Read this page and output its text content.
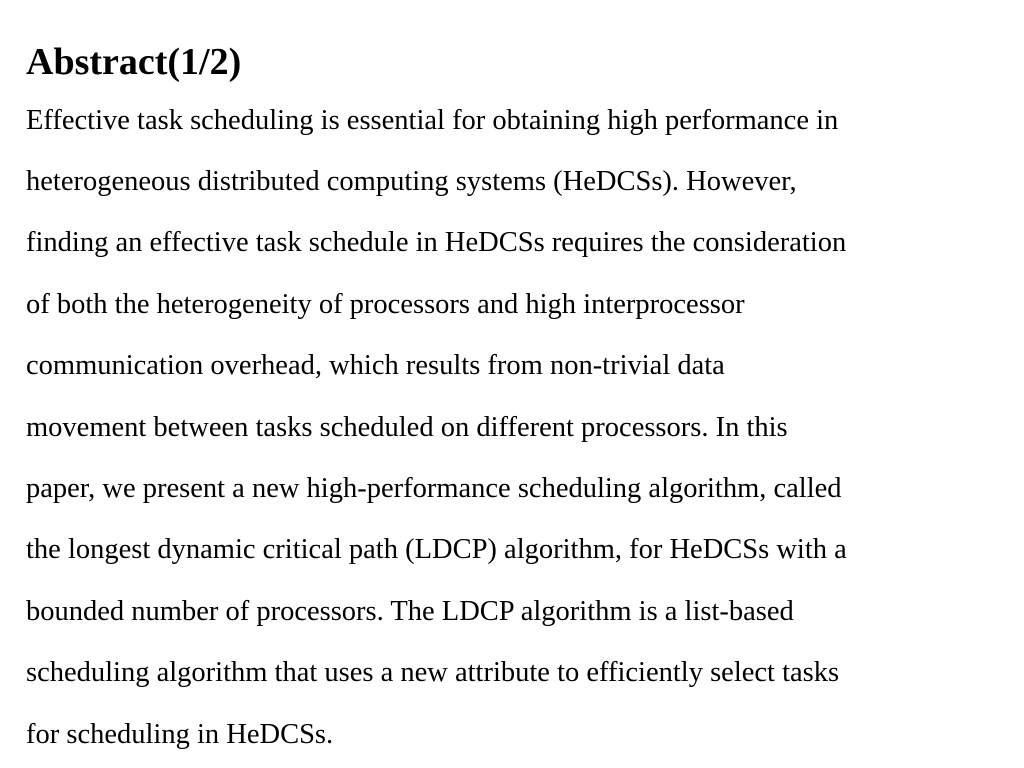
Abstract(1/2)
Effective task scheduling is essential for obtaining high performance in
heterogeneous distributed computing systems (HeDCSs). However,
finding an effective task schedule in HeDCSs requires the consideration
of both the heterogeneity of processors and high interprocessor
communication overhead, which results from non-trivial data
movement between tasks scheduled on different processors. In this
paper, we present a new high-performance scheduling algorithm, called
the longest dynamic critical path (LDCP) algorithm, for HeDCSs with a
bounded number of processors. The LDCP algorithm is a list-based
scheduling algorithm that uses a new attribute to efficiently select tasks
for scheduling in HeDCSs.
